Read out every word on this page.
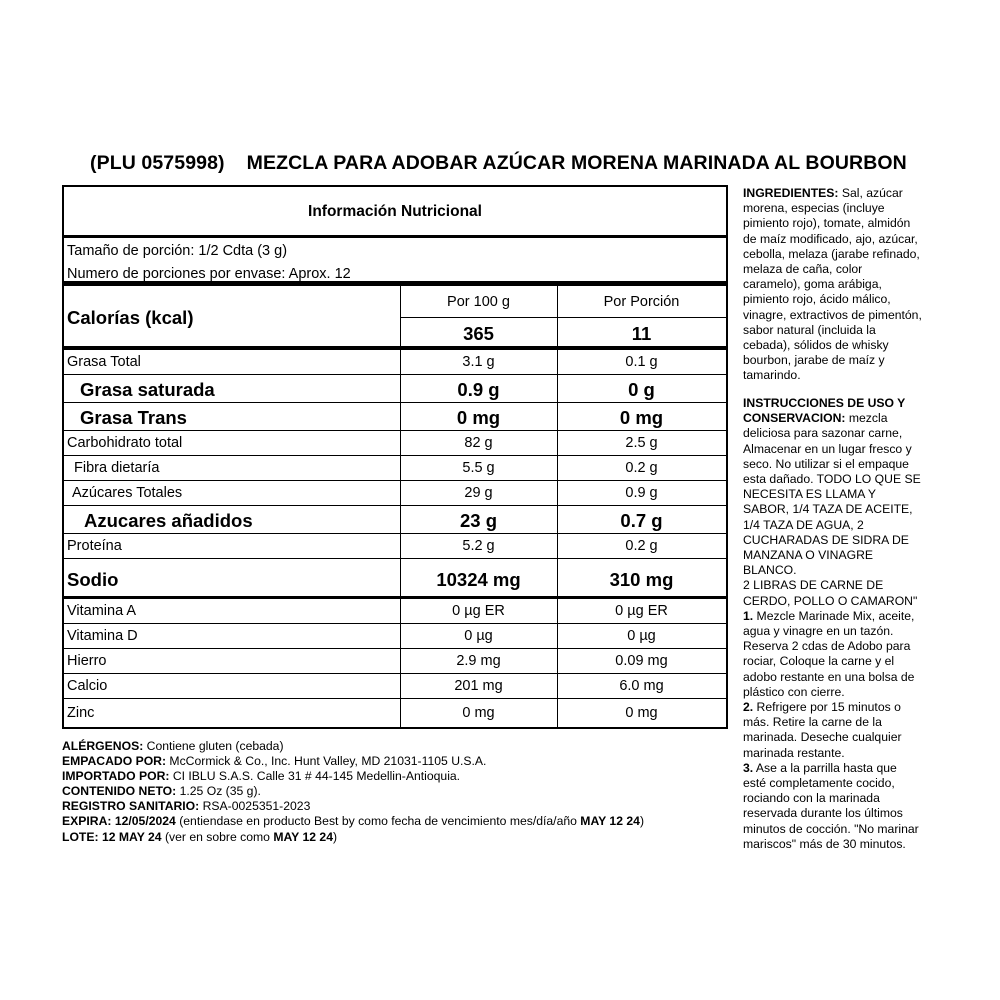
(PLU 0575998) MEZCLA PARA ADOBAR AZÚCAR MORENA MARINADA AL BOURBON
Información Nutricional
Tamaño de porción: 1/2 Cdta (3 g)
Numero de porciones por envase: Aprox. 12
Calorías (kcal)
Por 100 g	Por Porción
365	11
Grasa Total	3.1 g	0.1 g
Grasa saturada	0.9 g	0 g
Grasa Trans	0 mg	0 mg
Carbohidrato total	82 g	2.5 g
Fibra dietaría	5.5 g	0.2 g
Azúcares Totales	29 g	0.9 g
Azucares añadidos	23 g	0.7 g
Proteína	5.2 g	0.2 g
Sodio	10324 mg	310 mg
Vitamina A	0 µg ER	0 µg ER
Vitamina D	0 µg	0 µg
Hierro	2.9 mg	0.09 mg
Calcio	201 mg	6.0 mg
Zinc	0 mg	0 mg
INGREDIENTES: Sal, azúcar
morena, especias (incluye
pimiento rojo), tomate, almidón
de maíz modificado, ajo, azúcar,
cebolla, melaza (jarabe refinado,
melaza de caña, color
caramelo), goma arábiga,
pimiento rojo, ácido málico,
vinagre, extractivos de pimentón,
sabor natural (incluida la
cebada), sólidos de whisky
bourbon, jarabe de maíz y
tamarindo.
INSTRUCCIONES DE USO Y
CONSERVACION: mezcla
deliciosa para sazonar carne,
Almacenar en un lugar fresco y
seco. No utilizar si el empaque
esta dañado. TODO LO QUE SE
NECESITA ES LLAMA Y
SABOR, 1/4 TAZA DE ACEITE,
1/4 TAZA DE AGUA, 2
CUCHARADAS DE SIDRA DE
MANZANA O VINAGRE
BLANCO.
2 LIBRAS DE CARNE DE
CERDO, POLLO O CAMARON"
1. Mezcle Marinade Mix, aceite,
agua y vinagre en un tazón.
Reserva 2 cdas de Adobo para
rociar, Coloque la carne y el
adobo restante en una bolsa de
plástico con cierre.
2. Refrigere por 15 minutos o
más. Retire la carne de la
marinada. Deseche cualquier
marinada restante.
3. Ase a la parrilla hasta que
esté completamente cocido,
rociando con la marinada
reservada durante los últimos
minutos de cocción. "No marinar
mariscos" más de 30 minutos.
ALÉRGENOS: Contiene gluten (cebada)
EMPACADO POR: McCormick & Co., Inc. Hunt Valley, MD 21031-1105 U.S.A.
IMPORTADO POR: CI IBLU S.A.S. Calle 31 # 44-145 Medellin-Antioquia.
CONTENIDO NETO: 1.25 Oz (35 g).
REGISTRO SANITARIO: RSA-0025351-2023
EXPIRA: 12/05/2024 (entiendase en producto Best by como fecha de vencimiento mes/día/año MAY 12 24)
LOTE: 12 MAY 24 (ver en sobre como MAY 12 24)
